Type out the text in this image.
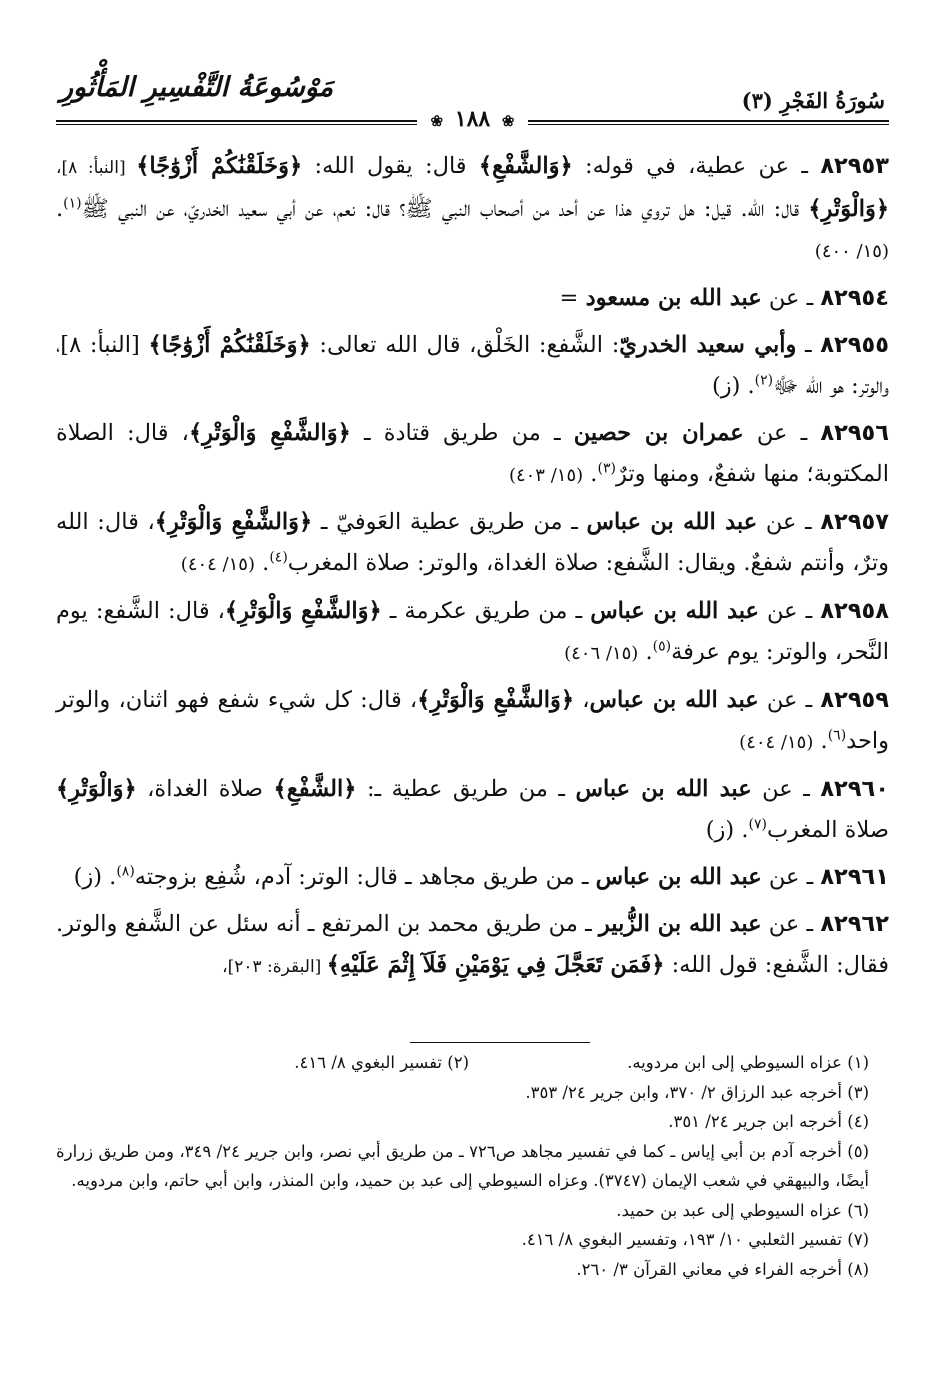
سُورَةُ الفَجْرِ (٣)
مَوْسُوعَةُ التَّفْسِيرِ المَأْثُورِ
❀ ١٨٨ ❀

٨٢٩٥٣ ـ عن عطية، في قوله: ﴿وَالشَّفْعِ﴾ قال: يقول الله: ﴿وَخَلَقْنَٰكُمْ أَزْوَٰجًا﴾ [النبأ: ٨]، ﴿وَالْوَتْرِ﴾ قال: الله. قيل: هل تروي هذا عن أحد من أصحاب النبي ﷺ؟ قال: نعم، عن أبي سعيد الخدريّ، عن النبي ﷺ$^{(١)}$. (١٥/ ٤٠٠)

٨٢٩٥٤ ـ عن عبد الله بن مسعود =

٨٢٩٥٥ ـ وأبي سعيد الخدريّ: الشَّفع: الخَلْق، قال الله تعالى: ﴿وَخَلَقْنَٰكُمْ أَزْوَٰجًا﴾ [النبأ: ٨]، والوتر: هو الله ﷻ$^{(٢)}$. (ز)

٨٢٩٥٦ ـ عن عمران بن حصين ـ من طريق قتادة ـ ﴿وَالشَّفْعِ وَالْوَتْرِ﴾، قال: الصلاة المكتوبة؛ منها شفعٌ، ومنها وترٌ$^{(٣)}$. (١٥/ ٤٠٣)

٨٢٩٥٧ ـ عن عبد الله بن عباس ـ من طريق عطية العَوفيّ ـ ﴿وَالشَّفْعِ وَالْوَتْرِ﴾، قال: الله وترٌ، وأنتم شفعٌ. ويقال: الشَّفع: صلاة الغداة، والوتر: صلاة المغرب$^{(٤)}$. (١٥/ ٤٠٤)

٨٢٩٥٨ ـ عن عبد الله بن عباس ـ من طريق عكرمة ـ ﴿وَالشَّفْعِ وَالْوَتْرِ﴾، قال: الشَّفع: يوم النَّحر، والوتر: يوم عرفة$^{(٥)}$. (١٥/ ٤٠٦)

٨٢٩٥٩ ـ عن عبد الله بن عباس، ﴿وَالشَّفْعِ وَالْوَتْرِ﴾، قال: كل شيء شفع فهو اثنان، والوتر واحد$^{(٦)}$. (١٥/ ٤٠٤)

٨٢٩٦٠ ـ عن عبد الله بن عباس ـ من طريق عطية ـ: ﴿الشَّفْعِ﴾ صلاة الغداة، ﴿وَالْوَتْرِ﴾ صلاة المغرب$^{(٧)}$. (ز)

٨٢٩٦١ ـ عن عبد الله بن عباس ـ من طريق مجاهد ـ قال: الوتر: آدم، شُفِع بزوجته$^{(٨)}$. (ز)

٨٢٩٦٢ ـ عن عبد الله بن الزُّبير ـ من طريق محمد بن المرتفع ـ أنه سئل عن الشَّفع والوتر. فقال: الشَّفع: قول الله: ﴿فَمَن تَعَجَّلَ فِي يَوْمَيْنِ فَلَآ إِثْمَ عَلَيْهِ﴾ [البقرة: ٢٠٣]،

(١) عزاه السيوطي إلى ابن مردويه.
(٢) تفسير البغوي ٨/ ٤١٦.

(٣) أخرجه عبد الرزاق ٢/ ٣٧٠، وابن جرير ٢٤/ ٣٥٣.

(٤) أخرجه ابن جرير ٢٤/ ٣٥١.

(٥) أخرجه آدم بن أبي إياس ـ كما في تفسير مجاهد ص٧٢٦ ـ من طريق أبي نصر، وابن جرير ٢٤/ ٣٤٩، ومن طريق زرارة أيضًا، والبيهقي في شعب الإيمان (٣٧٤٧). وعزاه السيوطي إلى عبد بن حميد، وابن المنذر، وابن أبي حاتم، وابن مردويه.

(٦) عزاه السيوطي إلى عبد بن حميد.

(٧) تفسير الثعلبي ١٠/ ١٩٣، وتفسير البغوي ٨/ ٤١٦.

(٨) أخرجه الفراء في معاني القرآن ٣/ ٢٦٠.
